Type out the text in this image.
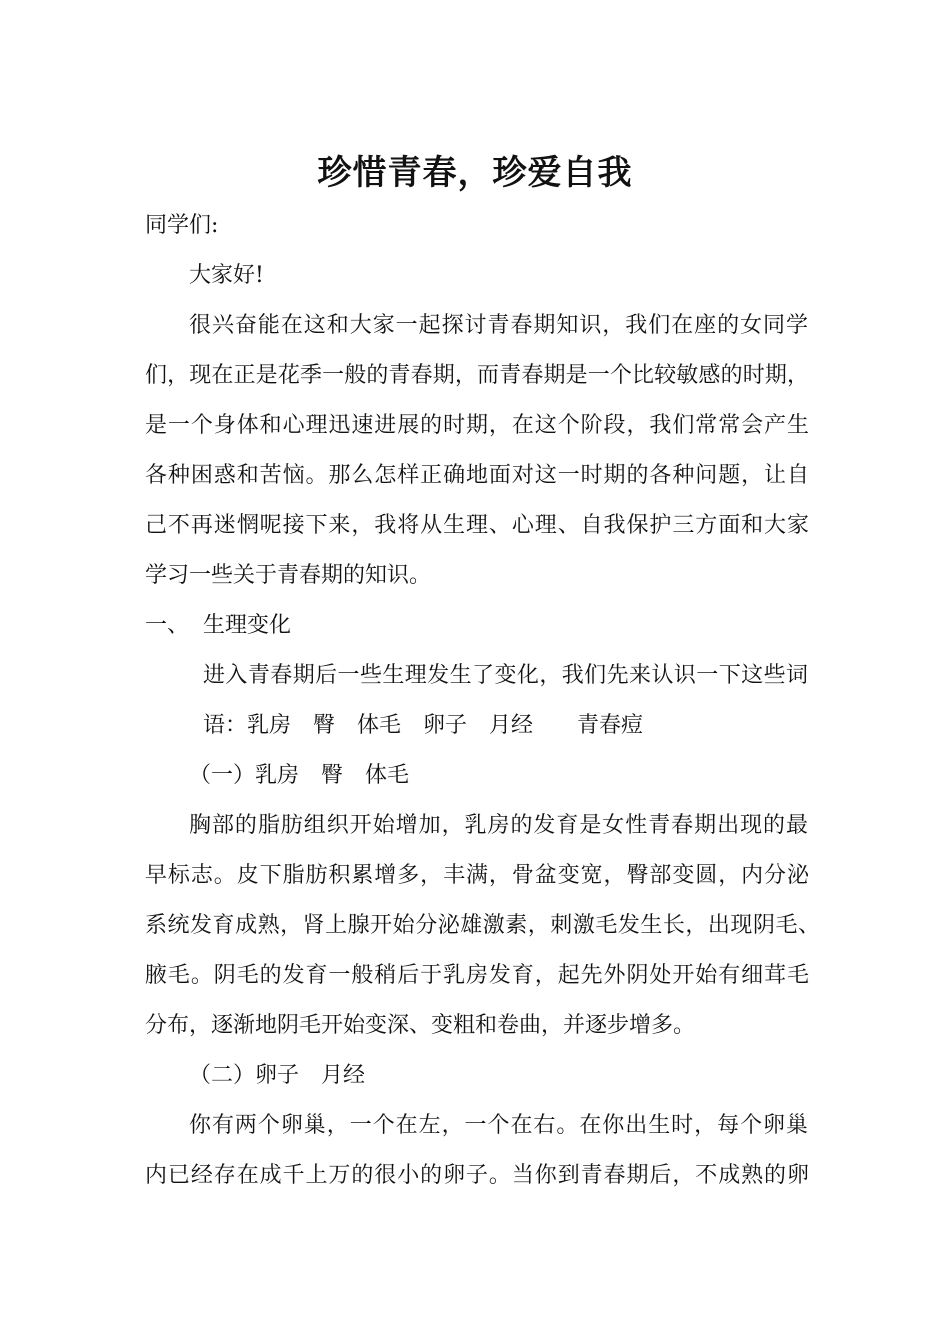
珍惜青春，珍爱自我
同学们:
大家好!
很兴奋能在这和大家一起探讨青春期知识，我们在座的女同学
们，现在正是花季一般的青春期，而青春期是一个比较敏感的时期，
是一个身体和心理迅速进展的时期，在这个阶段，我们常常会产生
各种困惑和苦恼。那么怎样正确地面对这一时期的各种问题，让自
己不再迷惘呢接下来，我将从生理、心理、自我保护三方面和大家
学习一些关于青春期的知识。
一、 生理变化
进入青春期后一些生理发生了变化，我们先来认识一下这些词
语：乳房　臀　体毛　卵子　月经　　青春痘
（一）乳房　臀　体毛
胸部的脂肪组织开始增加，乳房的发育是女性青春期出现的最
早标志。皮下脂肪积累增多，丰满，骨盆变宽，臀部变圆，内分泌
系统发育成熟，肾上腺开始分泌雄激素，刺激毛发生长，出现阴毛、
腋毛。阴毛的发育一般稍后于乳房发育，起先外阴处开始有细茸毛
分布，逐渐地阴毛开始变深、变粗和卷曲，并逐步增多。
（二）卵子　月经
你有两个卵巢，一个在左，一个在右。在你出生时，每个卵巢
内已经存在成千上万的很小的卵子。当你到青春期后，不成熟的卵
